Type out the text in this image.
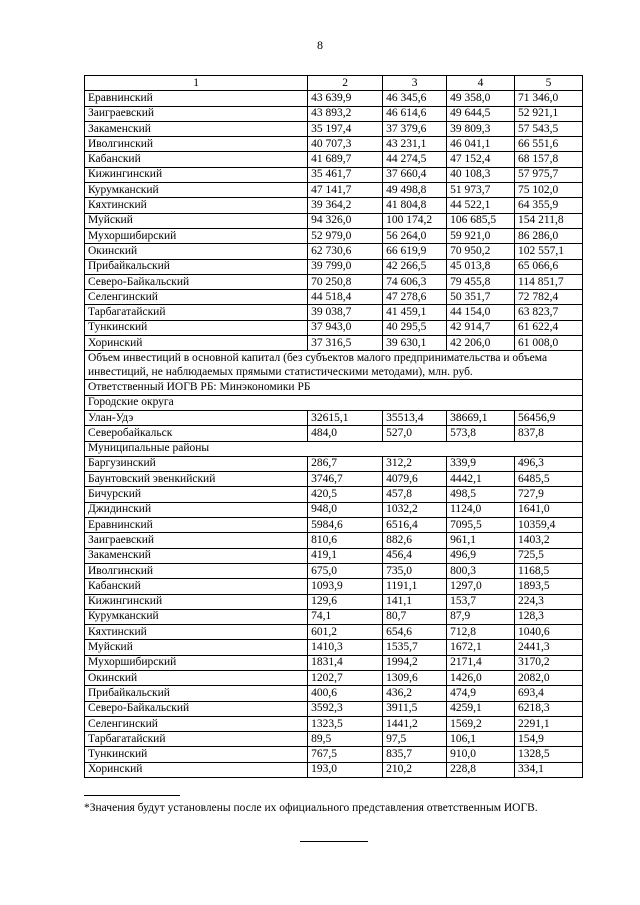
8
1	2	3	4	5
Еравнинский	43 639,9	46 345,6	49 358,0	71 346,0
Заиграевский	43 893,2	46 614,6	49 644,5	52 921,1
Закаменский	35 197,4	37 379,6	39 809,3	57 543,5
Иволгинский	40 707,3	43 231,1	46 041,1	66 551,6
Кабанский	41 689,7	44 274,5	47 152,4	68 157,8
Кижингинский	35 461,7	37 660,4	40 108,3	57 975,7
Курумканский	47 141,7	49 498,8	51 973,7	75 102,0
Кяхтинский	39 364,2	41 804,8	44 522,1	64 355,9
Муйский	94 326,0	100 174,2	106 685,5	154 211,8
Мухоршибирский	52 979,0	56 264,0	59 921,0	86 286,0
Окинский	62 730,6	66 619,9	70 950,2	102 557,1
Прибайкальский	39 799,0	42 266,5	45 013,8	65 066,6
Северо-Байкальский	70 250,8	74 606,3	79 455,8	114 851,7
Селенгинский	44 518,4	47 278,6	50 351,7	72 782,4
Тарбагатайский	39 038,7	41 459,1	44 154,0	63 823,7
Тункинский	37 943,0	40 295,5	42 914,7	61 622,4
Хоринский	37 316,5	39 630,1	42 206,0	61 008,0
Объем инвестиций в основной капитал (без субъектов малого предпринимательства и объема инвестиций, не наблюдаемых прямыми статистическими методами), млн. руб.				
Ответственный ИОГВ РБ: Минэкономики РБ				
Городские округа				
Улан-Удэ	32615,1	35513,4	38669,1	56456,9
Северобайкальск	484,0	527,0	573,8	837,8
Муниципальные районы				
Баргузинский	286,7	312,2	339,9	496,3
Баунтовский эвенкийский	3746,7	4079,6	4442,1	6485,5
Бичурский	420,5	457,8	498,5	727,9
Джидинский	948,0	1032,2	1124,0	1641,0
Еравнинский	5984,6	6516,4	7095,5	10359,4
Заиграевский	810,6	882,6	961,1	1403,2
Закаменский	419,1	456,4	496,9	725,5
Иволгинский	675,0	735,0	800,3	1168,5
Кабанский	1093,9	1191,1	1297,0	1893,5
Кижингинский	129,6	141,1	153,7	224,3
Курумканский	74,1	80,7	87,9	128,3
Кяхтинский	601,2	654,6	712,8	1040,6
Муйский	1410,3	1535,7	1672,1	2441,3
Мухоршибирский	1831,4	1994,2	2171,4	3170,2
Окинский	1202,7	1309,6	1426,0	2082,0
Прибайкальский	400,6	436,2	474,9	693,4
Северо-Байкальский	3592,3	3911,5	4259,1	6218,3
Селенгинский	1323,5	1441,2	1569,2	2291,1
Тарбагатайский	89,5	97,5	106,1	154,9
Тункинский	767,5	835,7	910,0	1328,5
Хоринский	193,0	210,2	228,8	334,1
*Значения будут установлены после их официального представления ответственным ИОГВ.
